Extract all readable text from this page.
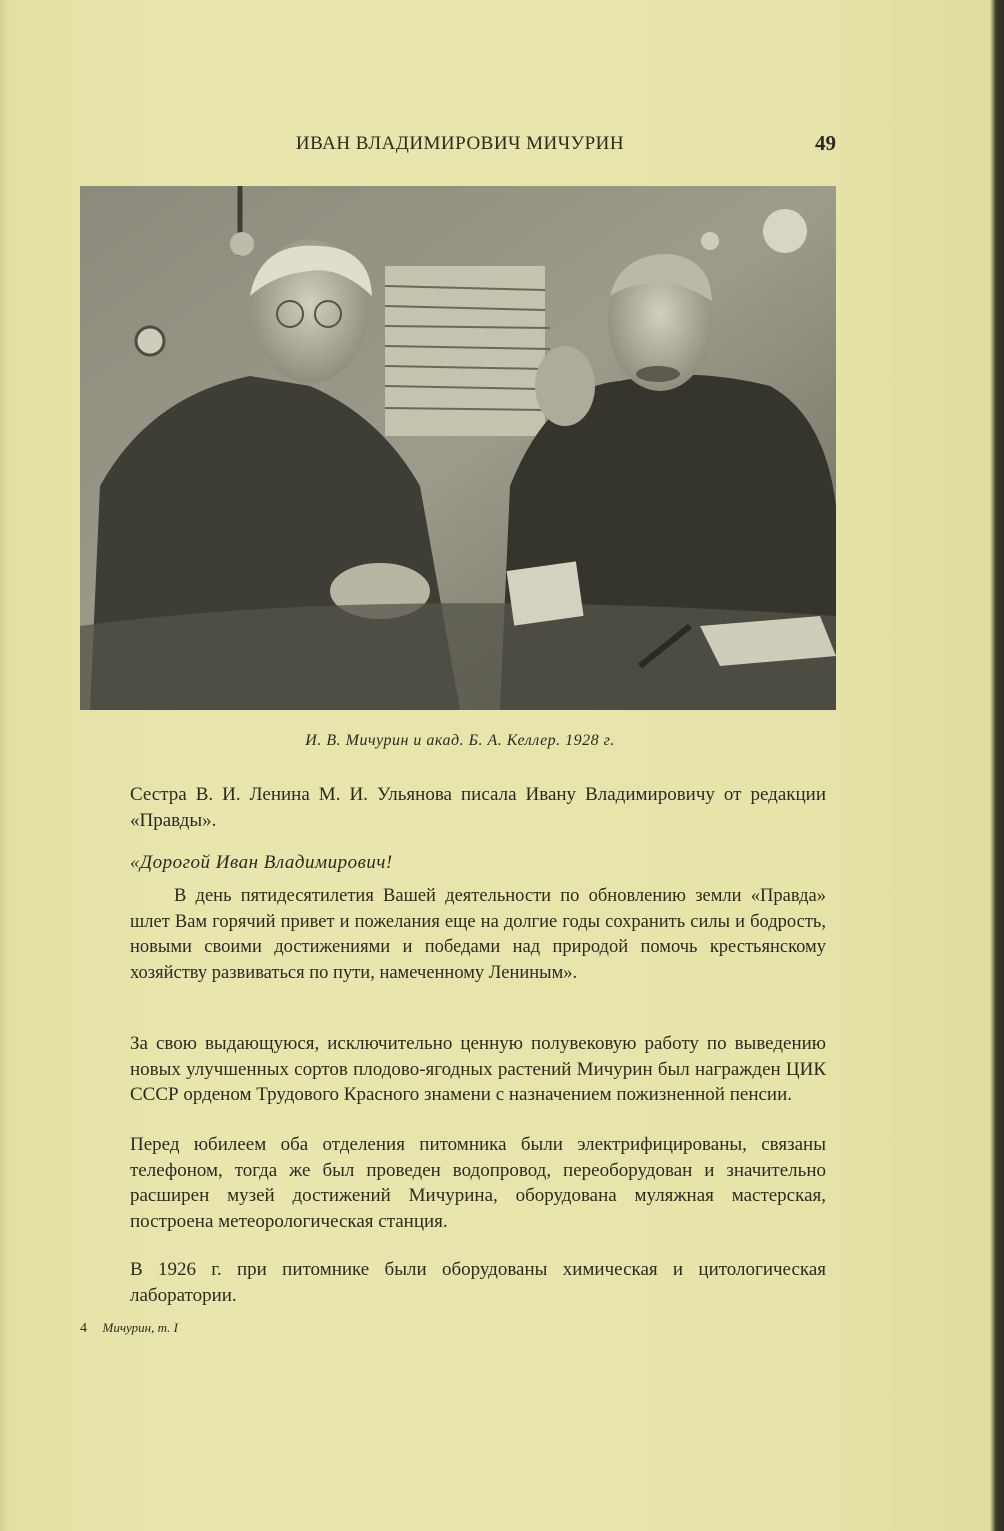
ИВАН ВЛАДИМИРОВИЧ МИЧУРИН	49
И. В. Мичурин и акад. Б. А. Келлер. 1928 г.
Сестра В. И. Ленина М. И. Ульянова писала Ивану Владимировичу от редакции «Правды».
«Дорогой Иван Владимирович!
В день пятидесятилетия Вашей деятельности по обновлению земли «Правда» шлет Вам горячий привет и пожелания еще на долгие годы сохранить силы и бодрость, новыми своими достижениями и победами над природой помочь крестьянскому хозяйству развиваться по пути, намеченному Лениным».
За свою выдающуюся, исключительно ценную полувековую работу по выведению новых улучшенных сортов плодово-ягодных растений Мичурин был награжден ЦИК СССР орденом Трудового Красного знамени с назначением пожизненной пенсии.
Перед юбилеем оба отделения питомника были электрифицированы, связаны телефоном, тогда же был проведен водопровод, переоборудован и значительно расширен музей достижений Мичурина, оборудована муляжная мастерская, построена метеорологическая станция.
В 1926 г. при питомнике были оборудованы химическая и цитологическая лаборатории.
4 Мичурин, т. I
